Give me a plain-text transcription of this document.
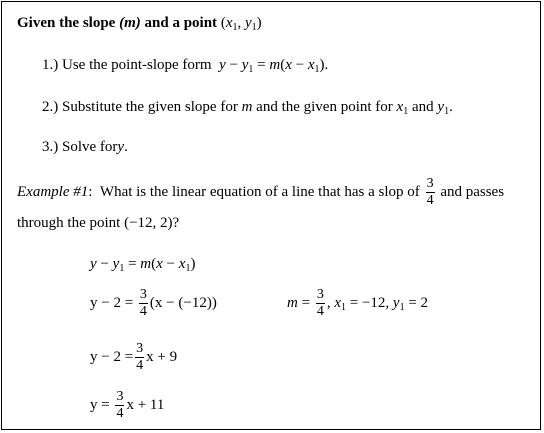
Given the slope (m) and a point ($x_1$, $y_1$)
1.) Use the point-slope form $y - y_1 = m(x - x_1)$.
2.) Substitute the given slope for m and the given point for $x_1$ and $y_1$.
3.) Solve fory.
Example #1: What is the linear equation of a line that has a slop of $\frac{3}{4}$ and passes
through the point (−12, 2)?
$y - y_1 = m(x - x_1)$
$y - 2 = \frac{3}{4} (x - (-12))$	$m = \frac{3}{4}$ , $x_1 = -12$, $y_1 = 2$
$y - 2 = \frac{3}{4}$ x + 9
$y = \frac{3}{4}$ x + 11
